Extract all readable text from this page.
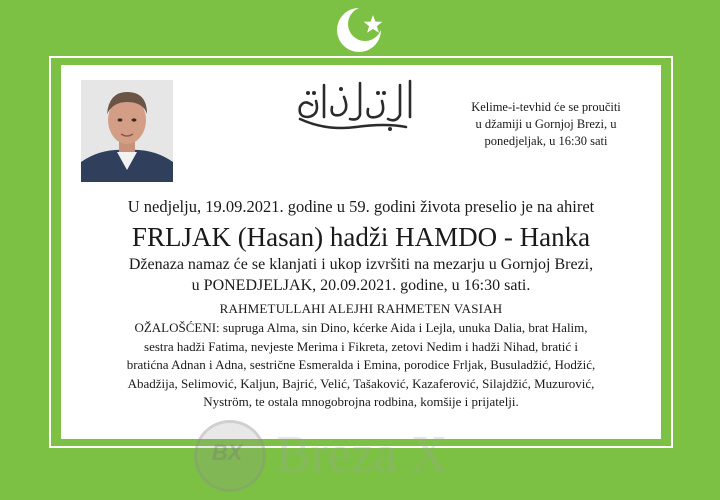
Kelime-i-tevhid će se proučiti
u džamiji u Gornjoj Brezi, u
ponedjeljak, u 16:30 sati
U nedjelju, 19.09.2021. godine u 59. godini života preselio je na ahiret
FRLJAK (Hasan) hadži HAMDO - Hanka
Dženaza namaz će se klanjati i ukop izvršiti na mezarju u Gornjoj Brezi,
u PONEDJELJAK, 20.09.2021. godine, u 16:30 sati.
RAHMETULLAHI ALEJHI RAHMETEN VASIAH
OŽALOŠĆENI: supruga Alma, sin Dino, kćerke Aida i Lejla, unuka Dalia, brat Halim,
sestra hadži Fatima, nevjeste Merima i Fikreta, zetovi Nedim i hadži Nihad, bratić i
bratićna Adnan i Adna, sestrične Esmeralda i Emina, porodice Frljak, Busuladžić, Hodžić,
Abadžija, Selimović, Kaljun, Bajrić, Velić, Tašaković, Kazaferović, Silajdžić, Muzurović,
Nyström, te ostala mnogobrojna rodbina, komšije i prijatelji.
BX Breza X
